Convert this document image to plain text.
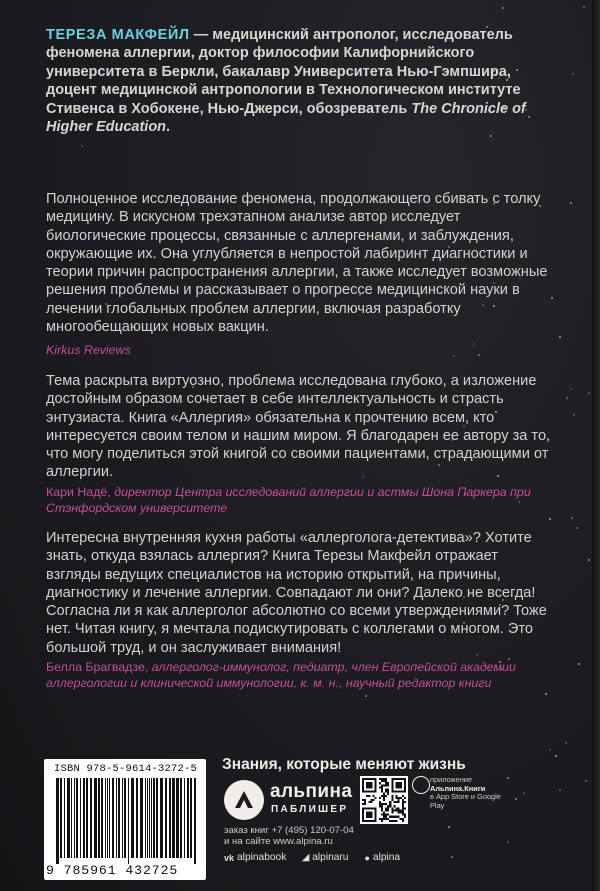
ТЕРЕЗА МАКФЕЙЛ — медицинский антрополог, исследователь феномена аллергии, доктор философии Калифорнийского университета в Беркли, бакалавр Университета Нью-Гэмпшира, доцент медицинской антропологии в Технологическом институте Стивенса в Хобокене, Нью-Джерси, обозреватель The Chronicle of Higher Education.
Полноценное исследование феномена, продолжающего сбивать с толку медицину. В искусном трехэтапном анализе автор исследует биологические процессы, связанные с аллергенами, и заблуждения, окружающие их. Она углубляется в непростой лабиринт диагностики и теории причин распространения аллергии, а также исследует возможные решения проблемы и рассказывает о прогрессе медицинской науки в лечении глобальных проблем аллергии, включая разработку многообещающих новых вакцин.
Kirkus Reviews
Тема раскрыта виртуозно, проблема исследована глубоко, а изложение достойным образом сочетает в себе интеллектуальность и страсть энтузиаста. Книга «Аллергия» обязательна к прочтению всем, кто интересуется своим телом и нашим миром. Я благодарен ее автору за то, что могу поделиться этой книгой со своими пациентами, страдающими от аллергии.
Кари Надё, директор Центра исследований аллергии и астмы Шона Паркера при Стэнфордском университете
Интересна внутренняя кухня работы «аллерголога-детектива»? Хотите знать, откуда взялась аллергия? Книга Терезы Макфейл отражает взгляды ведущих специалистов на историю открытий, на причины, диагностику и лечение аллергии. Совпадают ли они? Далеко не всегда! Согласна ли я как аллерголог абсолютно со всеми утверждениями? Тоже нет. Читая книгу, я мечтала подискутировать с коллегами о многом. Это большой труд, и он заслуживает внимания!
Белла Брагвадзе, аллерголог-иммунолог, педиатр, член Европейской академии аллергологии и клинической иммунологии, к. м. н., научный редактор книги
ISBN 978-5-9614-3272-5
9 785961 432725
Знания, которые меняют жизнь
альпина
ПАБЛИШЕР
заказ книг +7 (495) 120-07-04
и на сайте www.alpina.ru
приложение
Альпина.Книги
в App Store и Google Play
vk alpinabook ◢ alpinaru ● alpina
